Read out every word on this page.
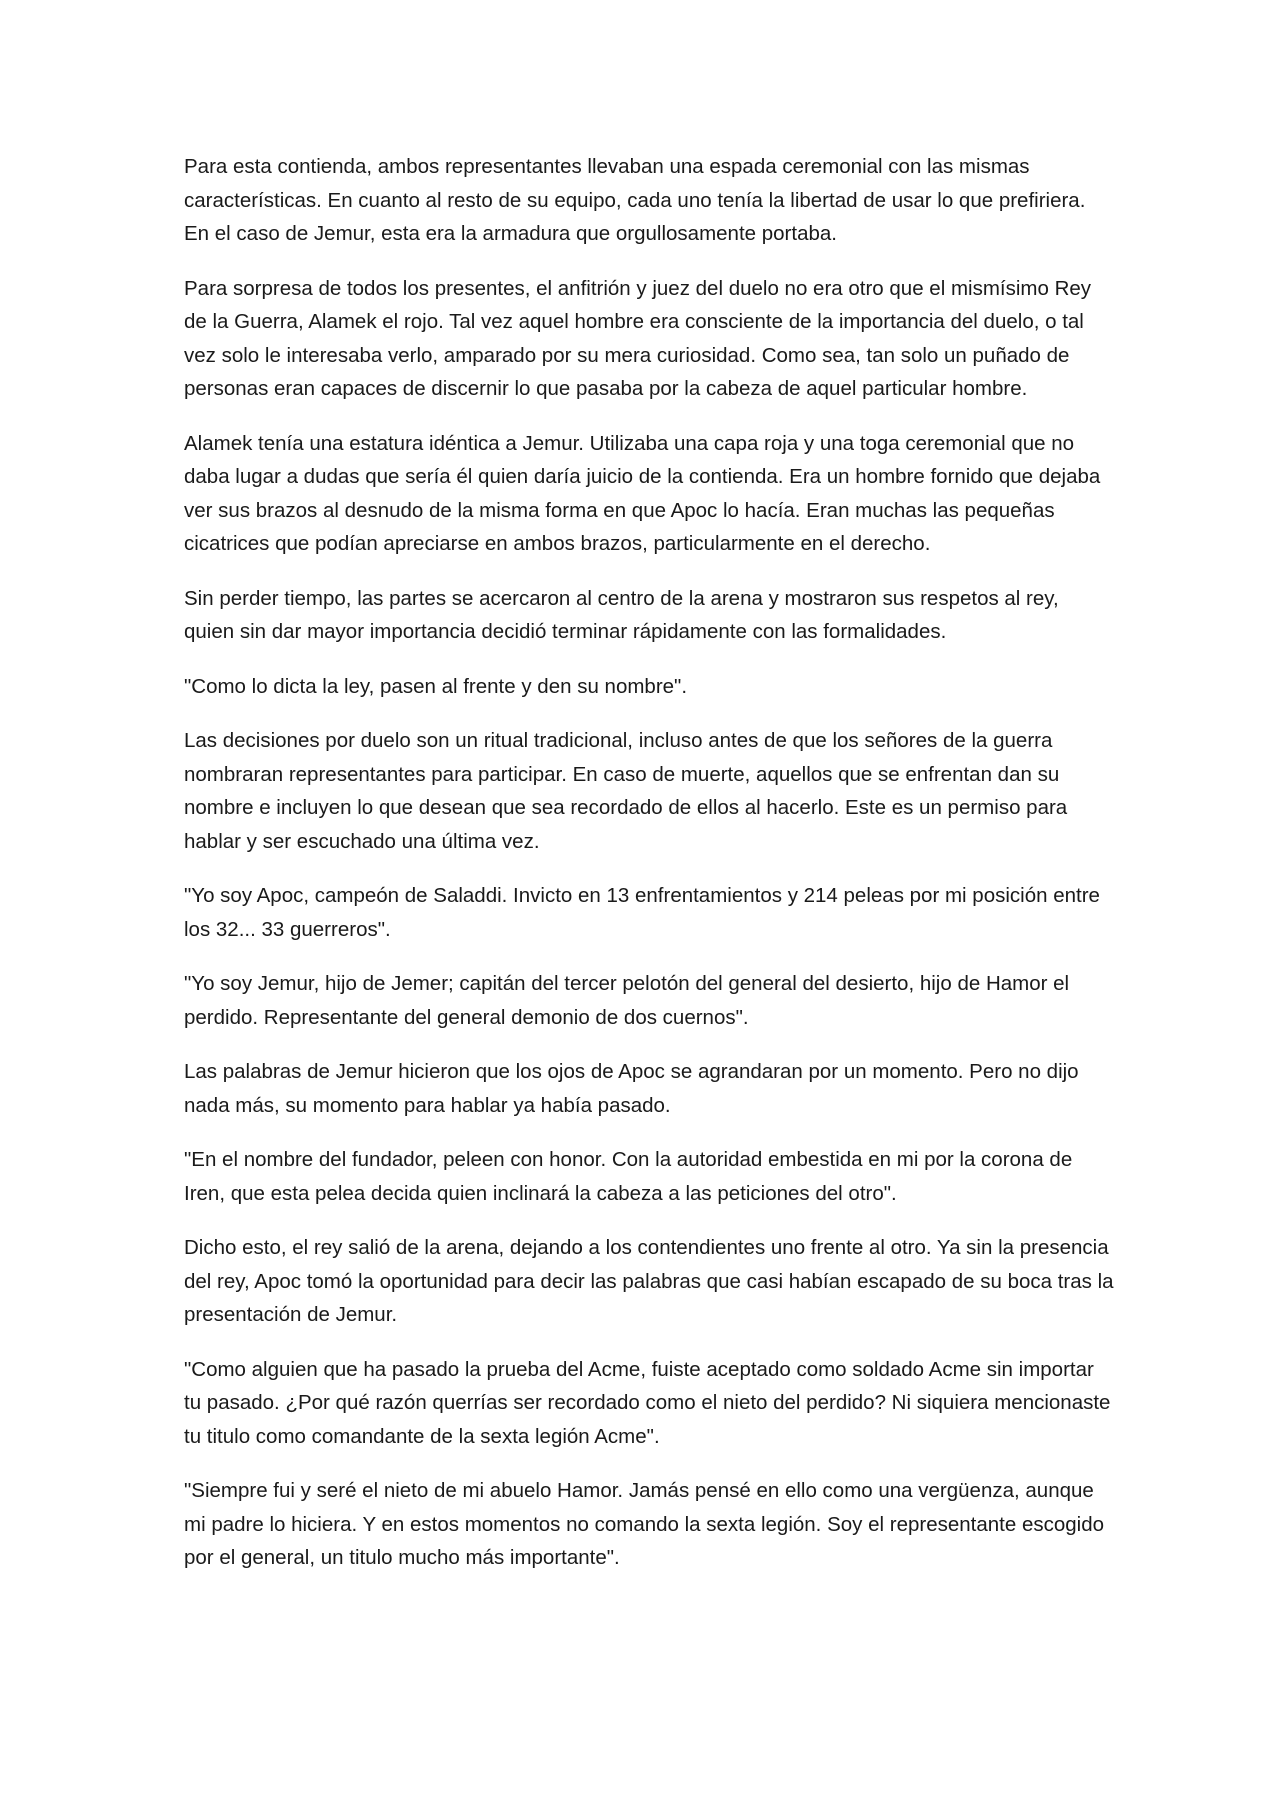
Para esta contienda, ambos representantes llevaban una espada ceremonial con las mismas características. En cuanto al resto de su equipo, cada uno tenía la libertad de usar lo que prefiriera. En el caso de Jemur, esta era la armadura que orgullosamente portaba.

Para sorpresa de todos los presentes, el anfitrión y juez del duelo no era otro que el mismísimo Rey de la Guerra, Alamek el rojo. Tal vez aquel hombre era consciente de la importancia del duelo, o tal vez solo le interesaba verlo, amparado por su mera curiosidad. Como sea, tan solo un puñado de personas eran capaces de discernir lo que pasaba por la cabeza de aquel particular hombre.

Alamek tenía una estatura idéntica a Jemur. Utilizaba una capa roja y una toga ceremonial que no daba lugar a dudas que sería él quien daría juicio de la contienda. Era un hombre fornido que dejaba ver sus brazos al desnudo de la misma forma en que Apoc lo hacía. Eran muchas las pequeñas cicatrices que podían apreciarse en ambos brazos, particularmente en el derecho.

Sin perder tiempo, las partes se acercaron al centro de la arena y mostraron sus respetos al rey, quien sin dar mayor importancia decidió terminar rápidamente con las formalidades.

"Como lo dicta la ley, pasen al frente y den su nombre".

Las decisiones por duelo son un ritual tradicional, incluso antes de que los señores de la guerra nombraran representantes para participar. En caso de muerte, aquellos que se enfrentan dan su nombre e incluyen lo que desean que sea recordado de ellos al hacerlo. Este es un permiso para hablar y ser escuchado una última vez.

"Yo soy Apoc, campeón de Saladdi. Invicto en 13 enfrentamientos y 214 peleas por mi posición entre los 32... 33 guerreros".

"Yo soy Jemur, hijo de Jemer; capitán del tercer pelotón del general del desierto, hijo de Hamor el perdido. Representante del general demonio de dos cuernos".

Las palabras de Jemur hicieron que los ojos de Apoc se agrandaran por un momento. Pero no dijo nada más, su momento para hablar ya había pasado.

"En el nombre del fundador, peleen con honor. Con la autoridad embestida en mi por la corona de Iren, que esta pelea decida quien inclinará la cabeza a las peticiones del otro".

Dicho esto, el rey salió de la arena, dejando a los contendientes uno frente al otro. Ya sin la presencia del rey, Apoc tomó la oportunidad para decir las palabras que casi habían escapado de su boca tras la presentación de Jemur.

"Como alguien que ha pasado la prueba del Acme, fuiste aceptado como soldado Acme sin importar tu pasado. ¿Por qué razón querrías ser recordado como el nieto del perdido? Ni siquiera mencionaste tu titulo como comandante de la sexta legión Acme".

"Siempre fui y seré el nieto de mi abuelo Hamor. Jamás pensé en ello como una vergüenza, aunque mi padre lo hiciera. Y en estos momentos no comando la sexta legión. Soy el representante escogido por el general, un titulo mucho más importante".
